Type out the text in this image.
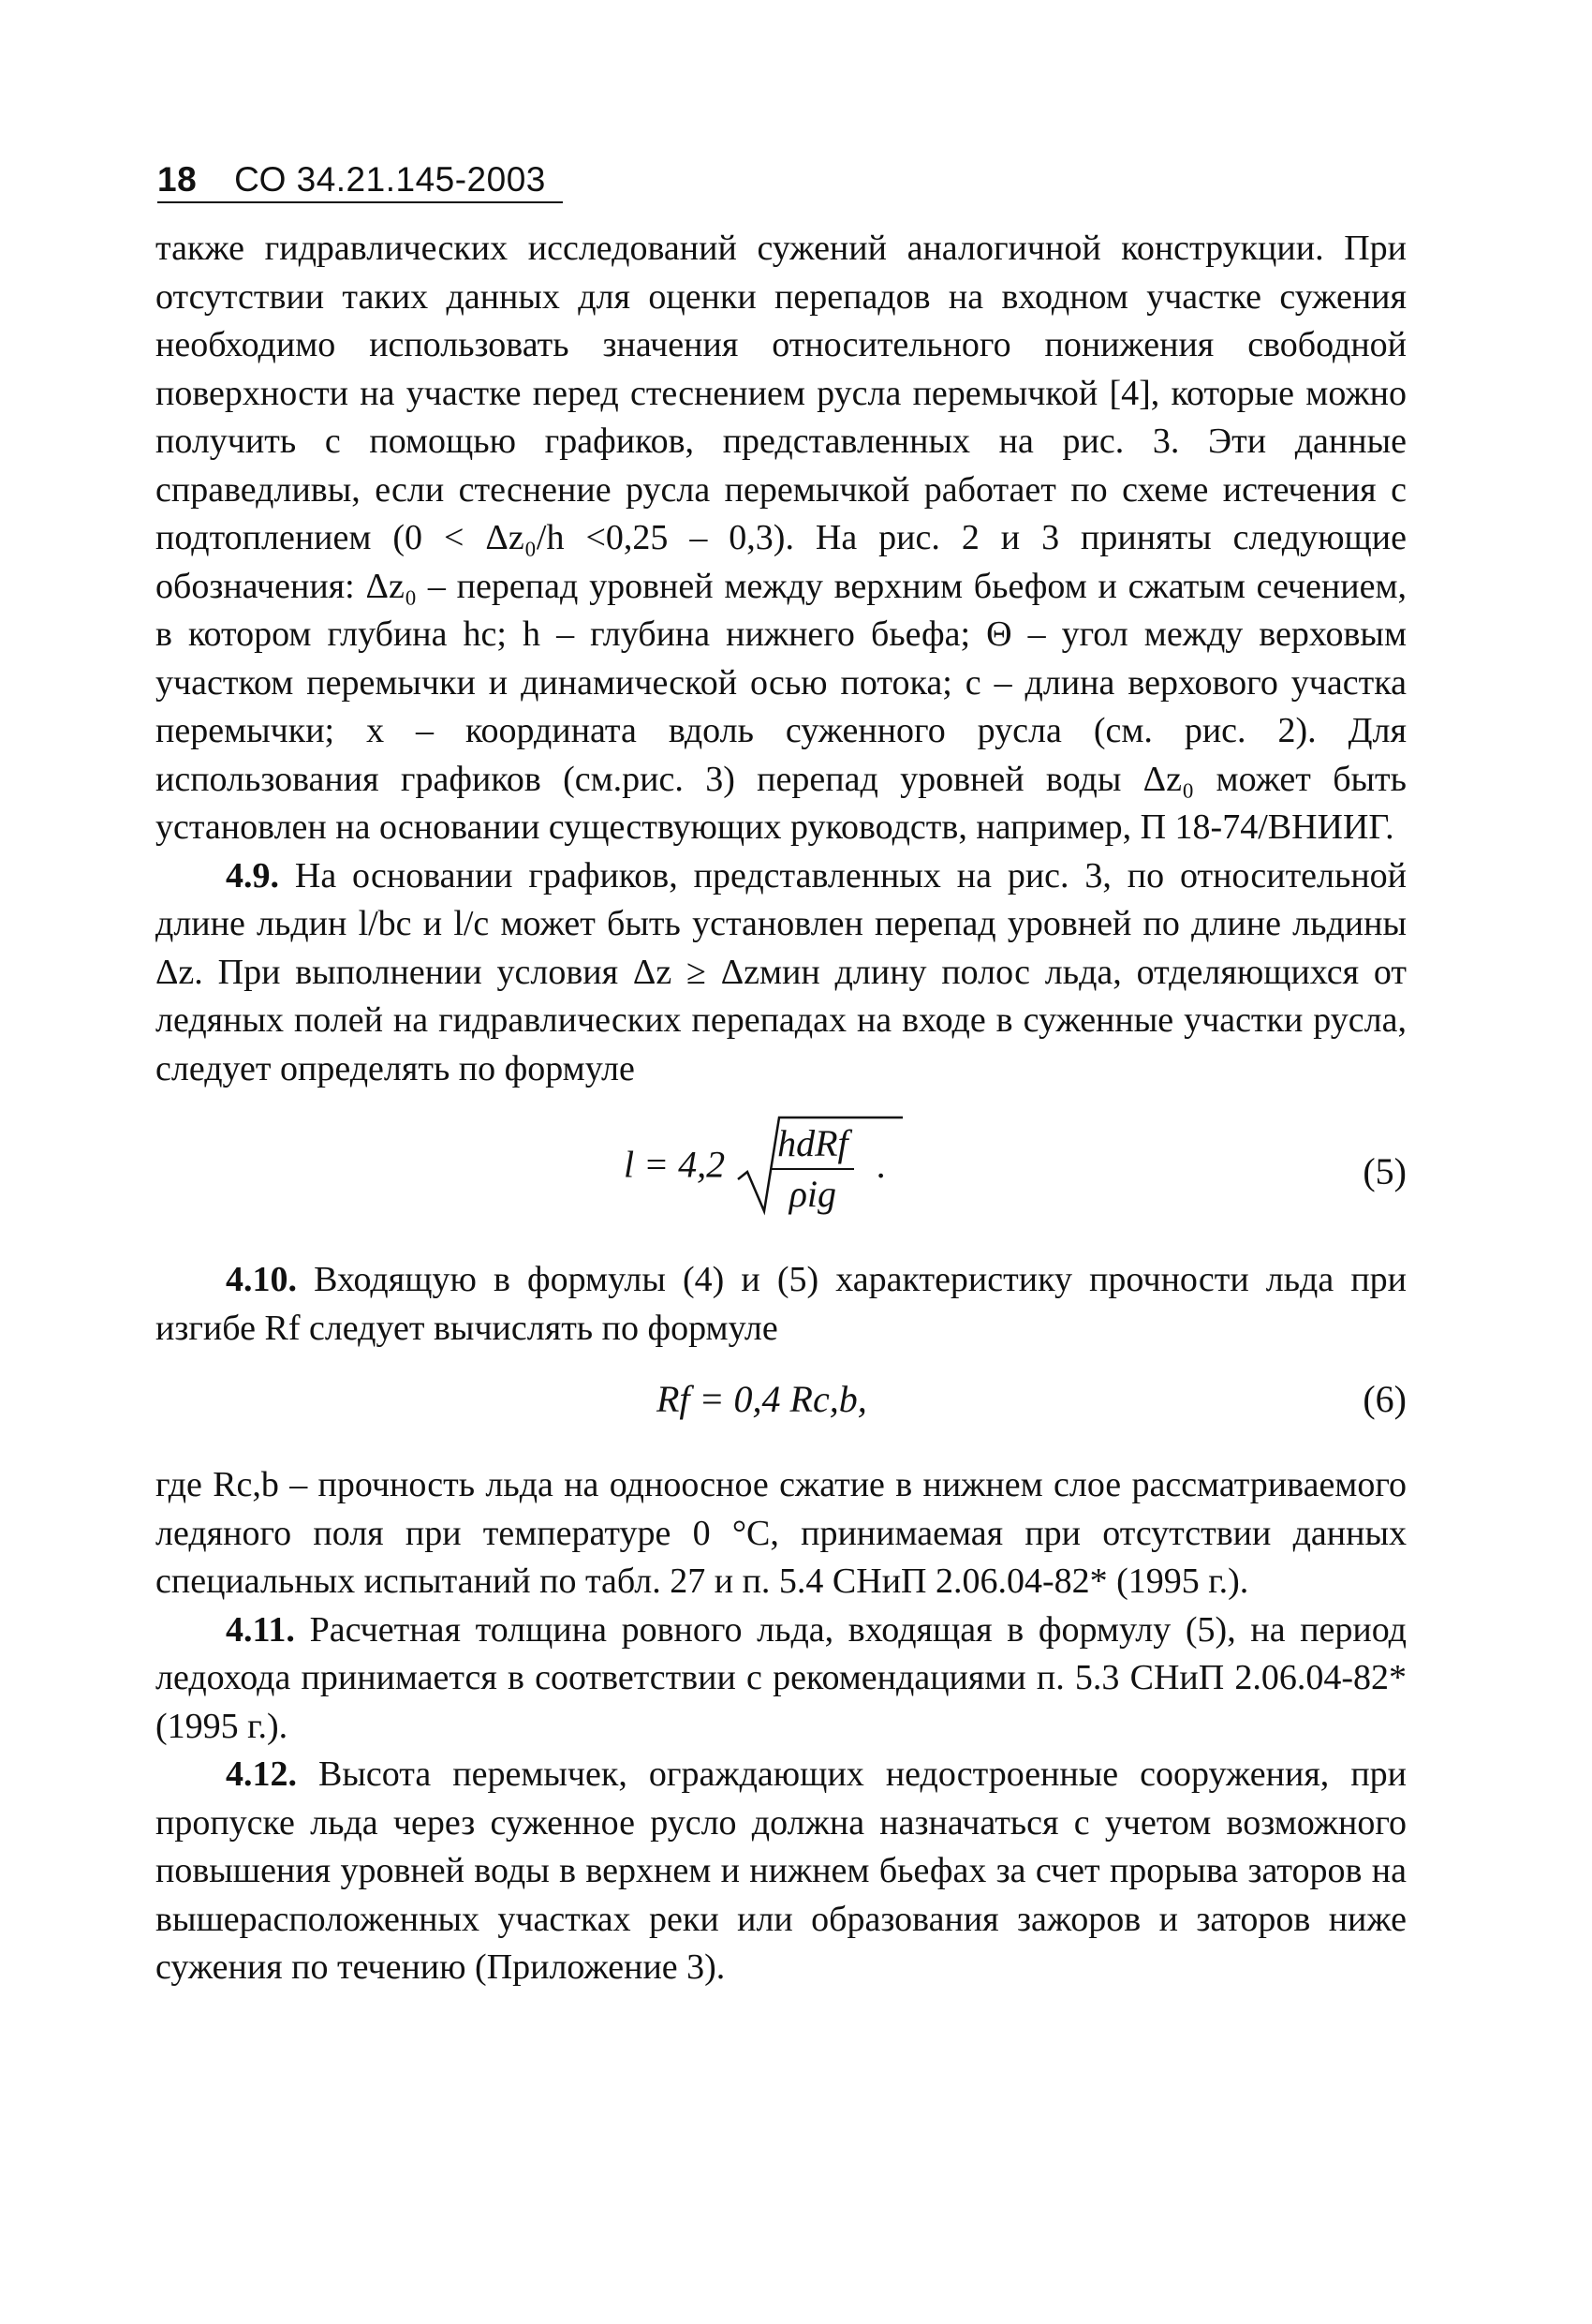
18 СО 34.21.145-2003

также гидравлических исследований сужений аналогичной конструкции. При отсутствии таких данных для оценки перепадов на входном участке сужения необходимо использовать значения относительного понижения свободной поверхности на участке перед стеснением русла перемычкой [4], которые можно получить с помощью графиков, представленных на рис. 3. Эти данные справедливы, если стеснение русла перемычкой работает по схеме истечения с подтоплением (0 < Δz₀/h <0,25 – 0,3). На рис. 2 и 3 приняты следующие обозначения: Δz₀ – перепад уровней между верхним бьефом и сжатым сечением, в котором глубина hc; h – глубина нижнего бьефа; Θ – угол между верховым участком перемычки и динамической осью потока; c – длина верхового участка перемычки; x – координата вдоль суженного русла (см. рис. 2). Для использования графиков (см.рис. 3) перепад уровней воды Δz₀ может быть установлен на основании существующих руководств, например, П 18-74/ВНИИГ.

4.9. На основании графиков, представленных на рис. 3, по относительной длине льдин l/bc и l/c может быть установлен перепад уровней по длине льдины Δz. При выполнении условия Δz ≥ Δzмин длину полос льда, отделяющихся от ледяных полей на гидравлических перепадах на входе в суженные участки русла, следует определять по формуле

$l = 4,2 \frac{\text{hdRf}}{\text{ρig}}$ .	(5)

4.10. Входящую в формулы (4) и (5) характеристику прочности льда при изгибе Rf следует вычислять по формуле

Rf = 0,4 Rc,b,	(6)

где Rc,b – прочность льда на одноосное сжатие в нижнем слое рассматриваемого ледяного поля при температуре 0 °С, принимаемая при отсутствии данных специальных испытаний по табл. 27 и п. 5.4 СНиП 2.06.04-82* (1995 г.).

4.11. Расчетная толщина ровного льда, входящая в формулу (5), на период ледохода принимается в соответствии с рекомендациями п. 5.3 СНиП 2.06.04-82* (1995 г.).

4.12. Высота перемычек, ограждающих недостроенные сооружения, при пропуске льда через суженное русло должна назначаться с учетом возможного повышения уровней воды в верхнем и нижнем бьефах за счет прорыва заторов на вышерасположенных участках реки или образования зажоров и заторов ниже сужения по течению (Приложение 3).
